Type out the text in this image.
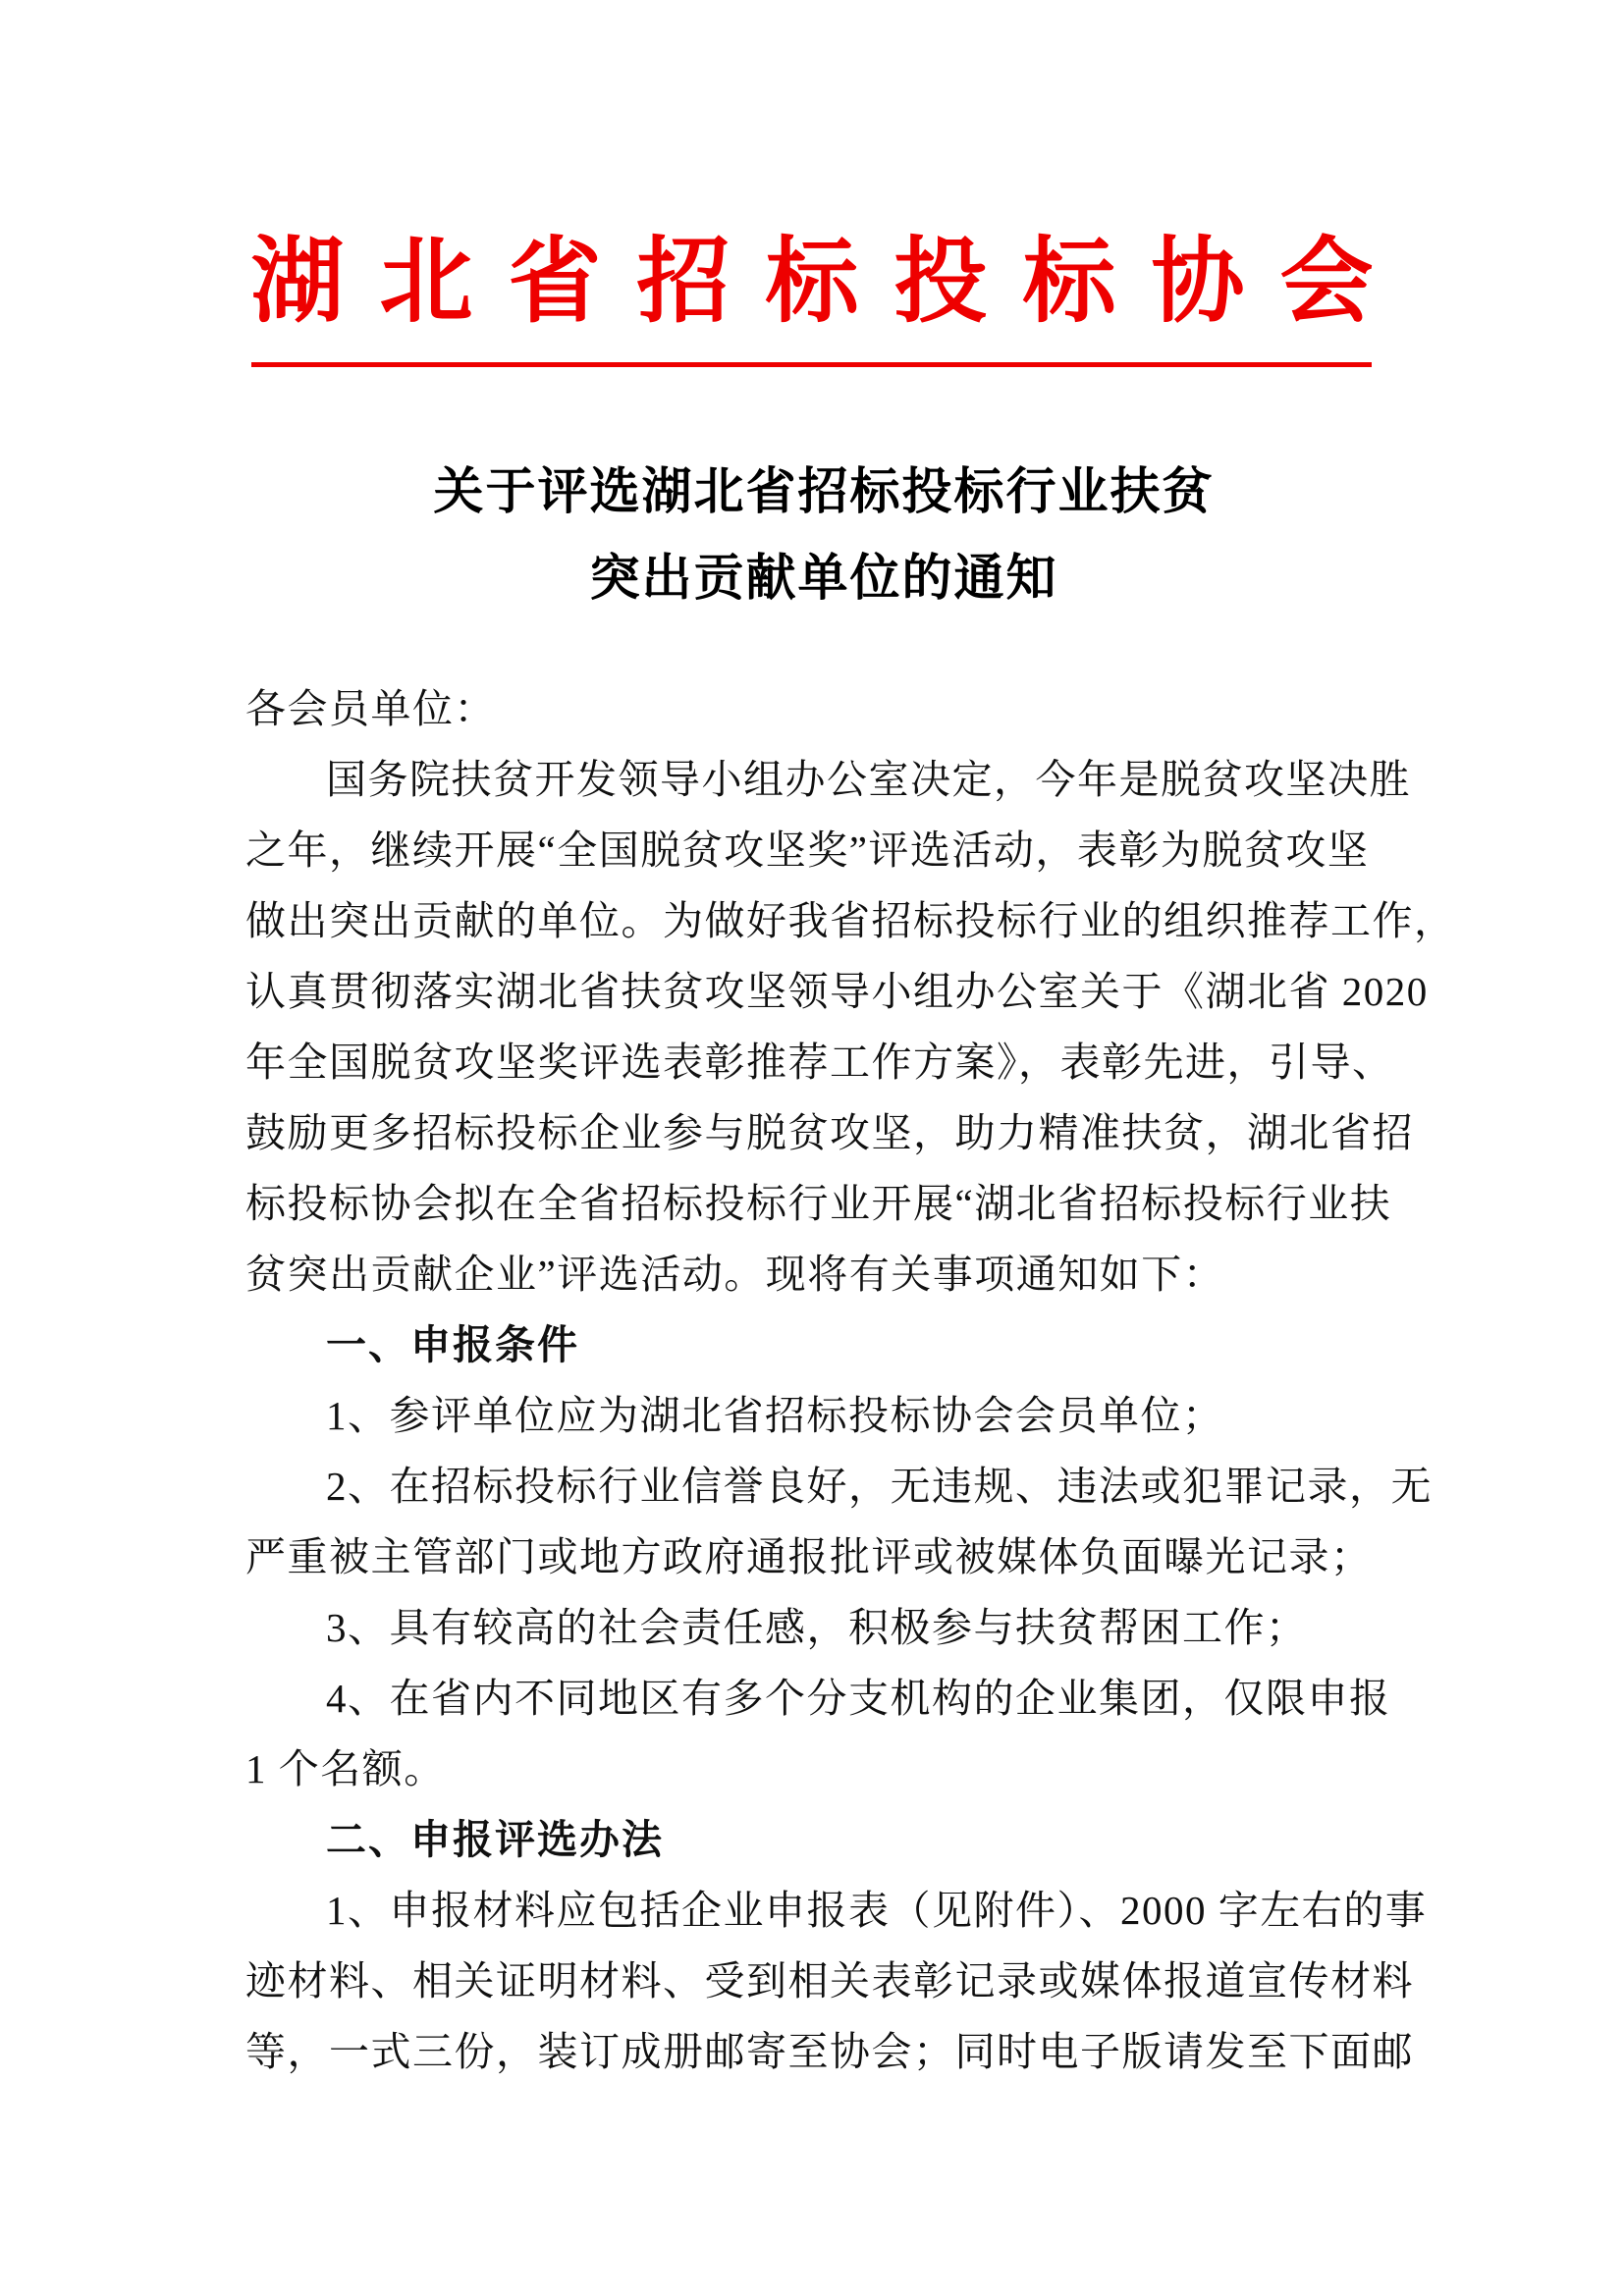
湖北省招标投标协会
关于评选湖北省招标投标行业扶贫
突出贡献单位的通知
各会员单位：
国务院扶贫开发领导小组办公室决定，今年是脱贫攻坚决胜
之年，继续开展“全国脱贫攻坚奖”评选活动，表彰为脱贫攻坚
做出突出贡献的单位。为做好我省招标投标行业的组织推荐工作，
认真贯彻落实湖北省扶贫攻坚领导小组办公室关于《湖北省 2020
年全国脱贫攻坚奖评选表彰推荐工作方案》，表彰先进，引导、
鼓励更多招标投标企业参与脱贫攻坚，助力精准扶贫，湖北省招
标投标协会拟在全省招标投标行业开展“湖北省招标投标行业扶
贫突出贡献企业”评选活动。现将有关事项通知如下：
一、申报条件
1、参评单位应为湖北省招标投标协会会员单位；
2、在招标投标行业信誉良好，无违规、违法或犯罪记录，无
严重被主管部门或地方政府通报批评或被媒体负面曝光记录；
3、具有较高的社会责任感，积极参与扶贫帮困工作；
4、在省内不同地区有多个分支机构的企业集团，仅限申报
1 个名额。
二、申报评选办法
1、申报材料应包括企业申报表（见附件）、2000 字左右的事
迹材料、相关证明材料、受到相关表彰记录或媒体报道宣传材料
等，一式三份，装订成册邮寄至协会；同时电子版请发至下面邮
